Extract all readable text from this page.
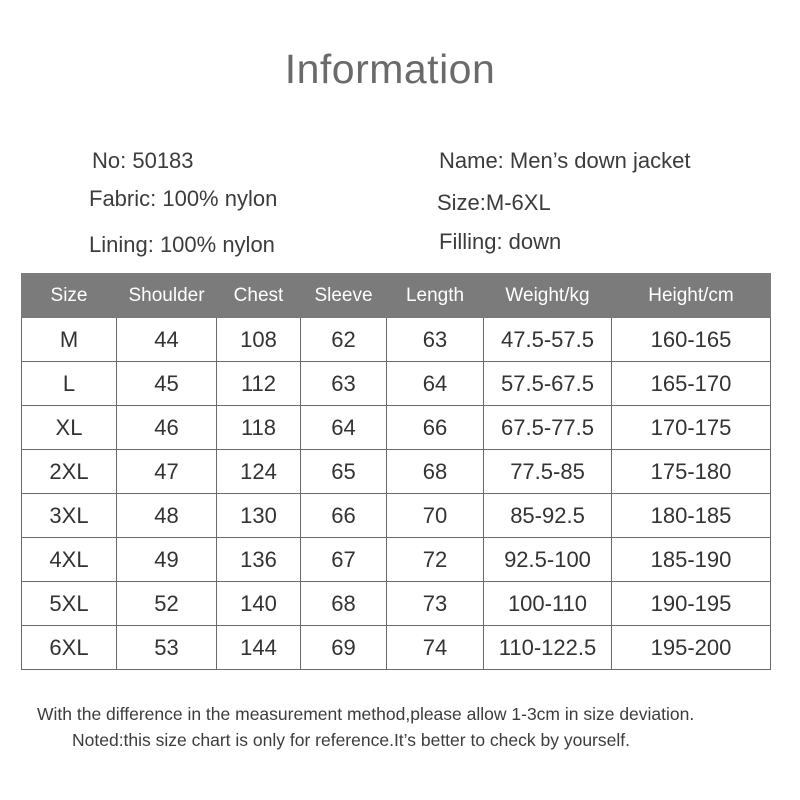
Information
No: 50183
Fabric: 100% nylon
Lining: 100% nylon
Name: Men’s down jacket
Size:M-6XL
Filling: down
Size	Shoulder	Chest	Sleeve	Length	Weight/kg	Height/cm
M	44	108	62	63	47.5-57.5	160-165
L	45	112	63	64	57.5-67.5	165-170
XL	46	118	64	66	67.5-77.5	170-175
2XL	47	124	65	68	77.5-85	175-180
3XL	48	130	66	70	85-92.5	180-185
4XL	49	136	67	72	92.5-100	185-190
5XL	52	140	68	73	100-110	190-195
6XL	53	144	69	74	110-122.5	195-200
With the difference in the measurement method,please allow 1-3cm in size deviation.
Noted:this size chart is only for reference.It’s better to check by yourself.
